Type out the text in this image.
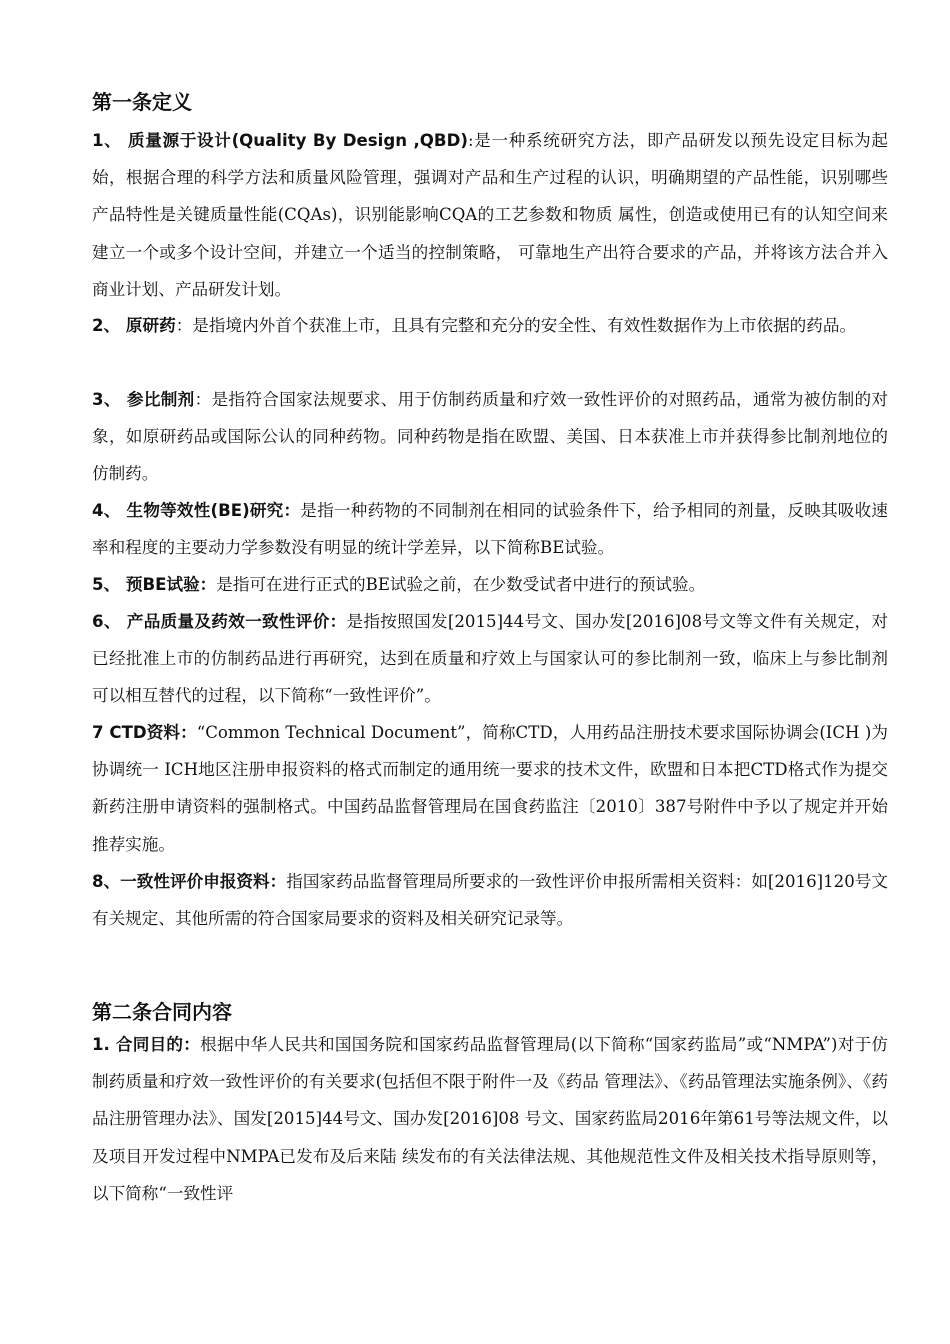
第一条定义
1、 质量源于设计(Quality By Design ,QBD):是一种系统研究方法，即产品研发以预先设定目标为起始，根据合理的科学方法和质量风险管理，强调对产品和生产过程的认识，明确期望的产品性能，识别哪些产品特性是关键质量性能(CQAs)，识别能影响CQA的工艺参数和物质 属性，创造或使用已有的认知空间来建立一个或多个设计空间，并建立一个适当的控制策略， 可靠地生产出符合要求的产品，并将该方法合并入商业计划、产品研发计划。
2、 原研药：是指境内外首个获准上市，且具有完整和充分的安全性、有效性数据作为上市依据的药品。
3、 参比制剂：是指符合国家法规要求、用于仿制药质量和疗效一致性评价的对照药品，通常为被仿制的对象，如原研药品或国际公认的同种药物。同种药物是指在欧盟、美国、日本获准上市并获得参比制剂地位的仿制药。
4、 生物等效性(BE)研究：是指一种药物的不同制剂在相同的试验条件下，给予相同的剂量，反映其吸收速率和程度的主要动力学参数没有明显的统计学差异，以下简称BE试验。
5、 预BE试验：是指可在进行正式的BE试验之前，在少数受试者中进行的预试验。
6、 产品质量及药效一致性评价：是指按照国发[2015]44号文、国办发[2016]08号文等文件有关规定，对已经批准上市的仿制药品进行再研究，达到在质量和疗效上与国家认可的参比制剂一致，临床上与参比制剂可以相互替代的过程，以下简称“一致性评价”。
7 CTD资料：“Common Technical Document”，简称CTD，人用药品注册技术要求国际协调会(ICH )为协调统一 ICH地区注册申报资料的格式而制定的通用统一要求的技术文件，欧盟和日本把CTD格式作为提交新药注册申请资料的强制格式。中国药品监督管理局在国食药监注〔2010〕387号附件中予以了规定并开始推荐实施。
8、一致性评价申报资料：指国家药品监督管理局所要求的一致性评价申报所需相关资料：如[2016]120号文有关规定、其他所需的符合国家局要求的资料及相关研究记录等。
第二条合同内容
1. 合同目的：根据中华人民共和国国务院和国家药品监督管理局(以下简称“国家药监局”或“NMPA”)对于仿制药质量和疗效一致性评价的有关要求(包括但不限于附件一及《药品 管理法》、《药品管理法实施条例》、《药品注册管理办法》、国发[2015]44号文、国办发[2016]08 号文、国家药监局2016年第61号等法规文件，以及项目开发过程中NMPA已发布及后来陆 续发布的有关法律法规、其他规范性文件及相关技术指导原则等，以下简称“一致性评
